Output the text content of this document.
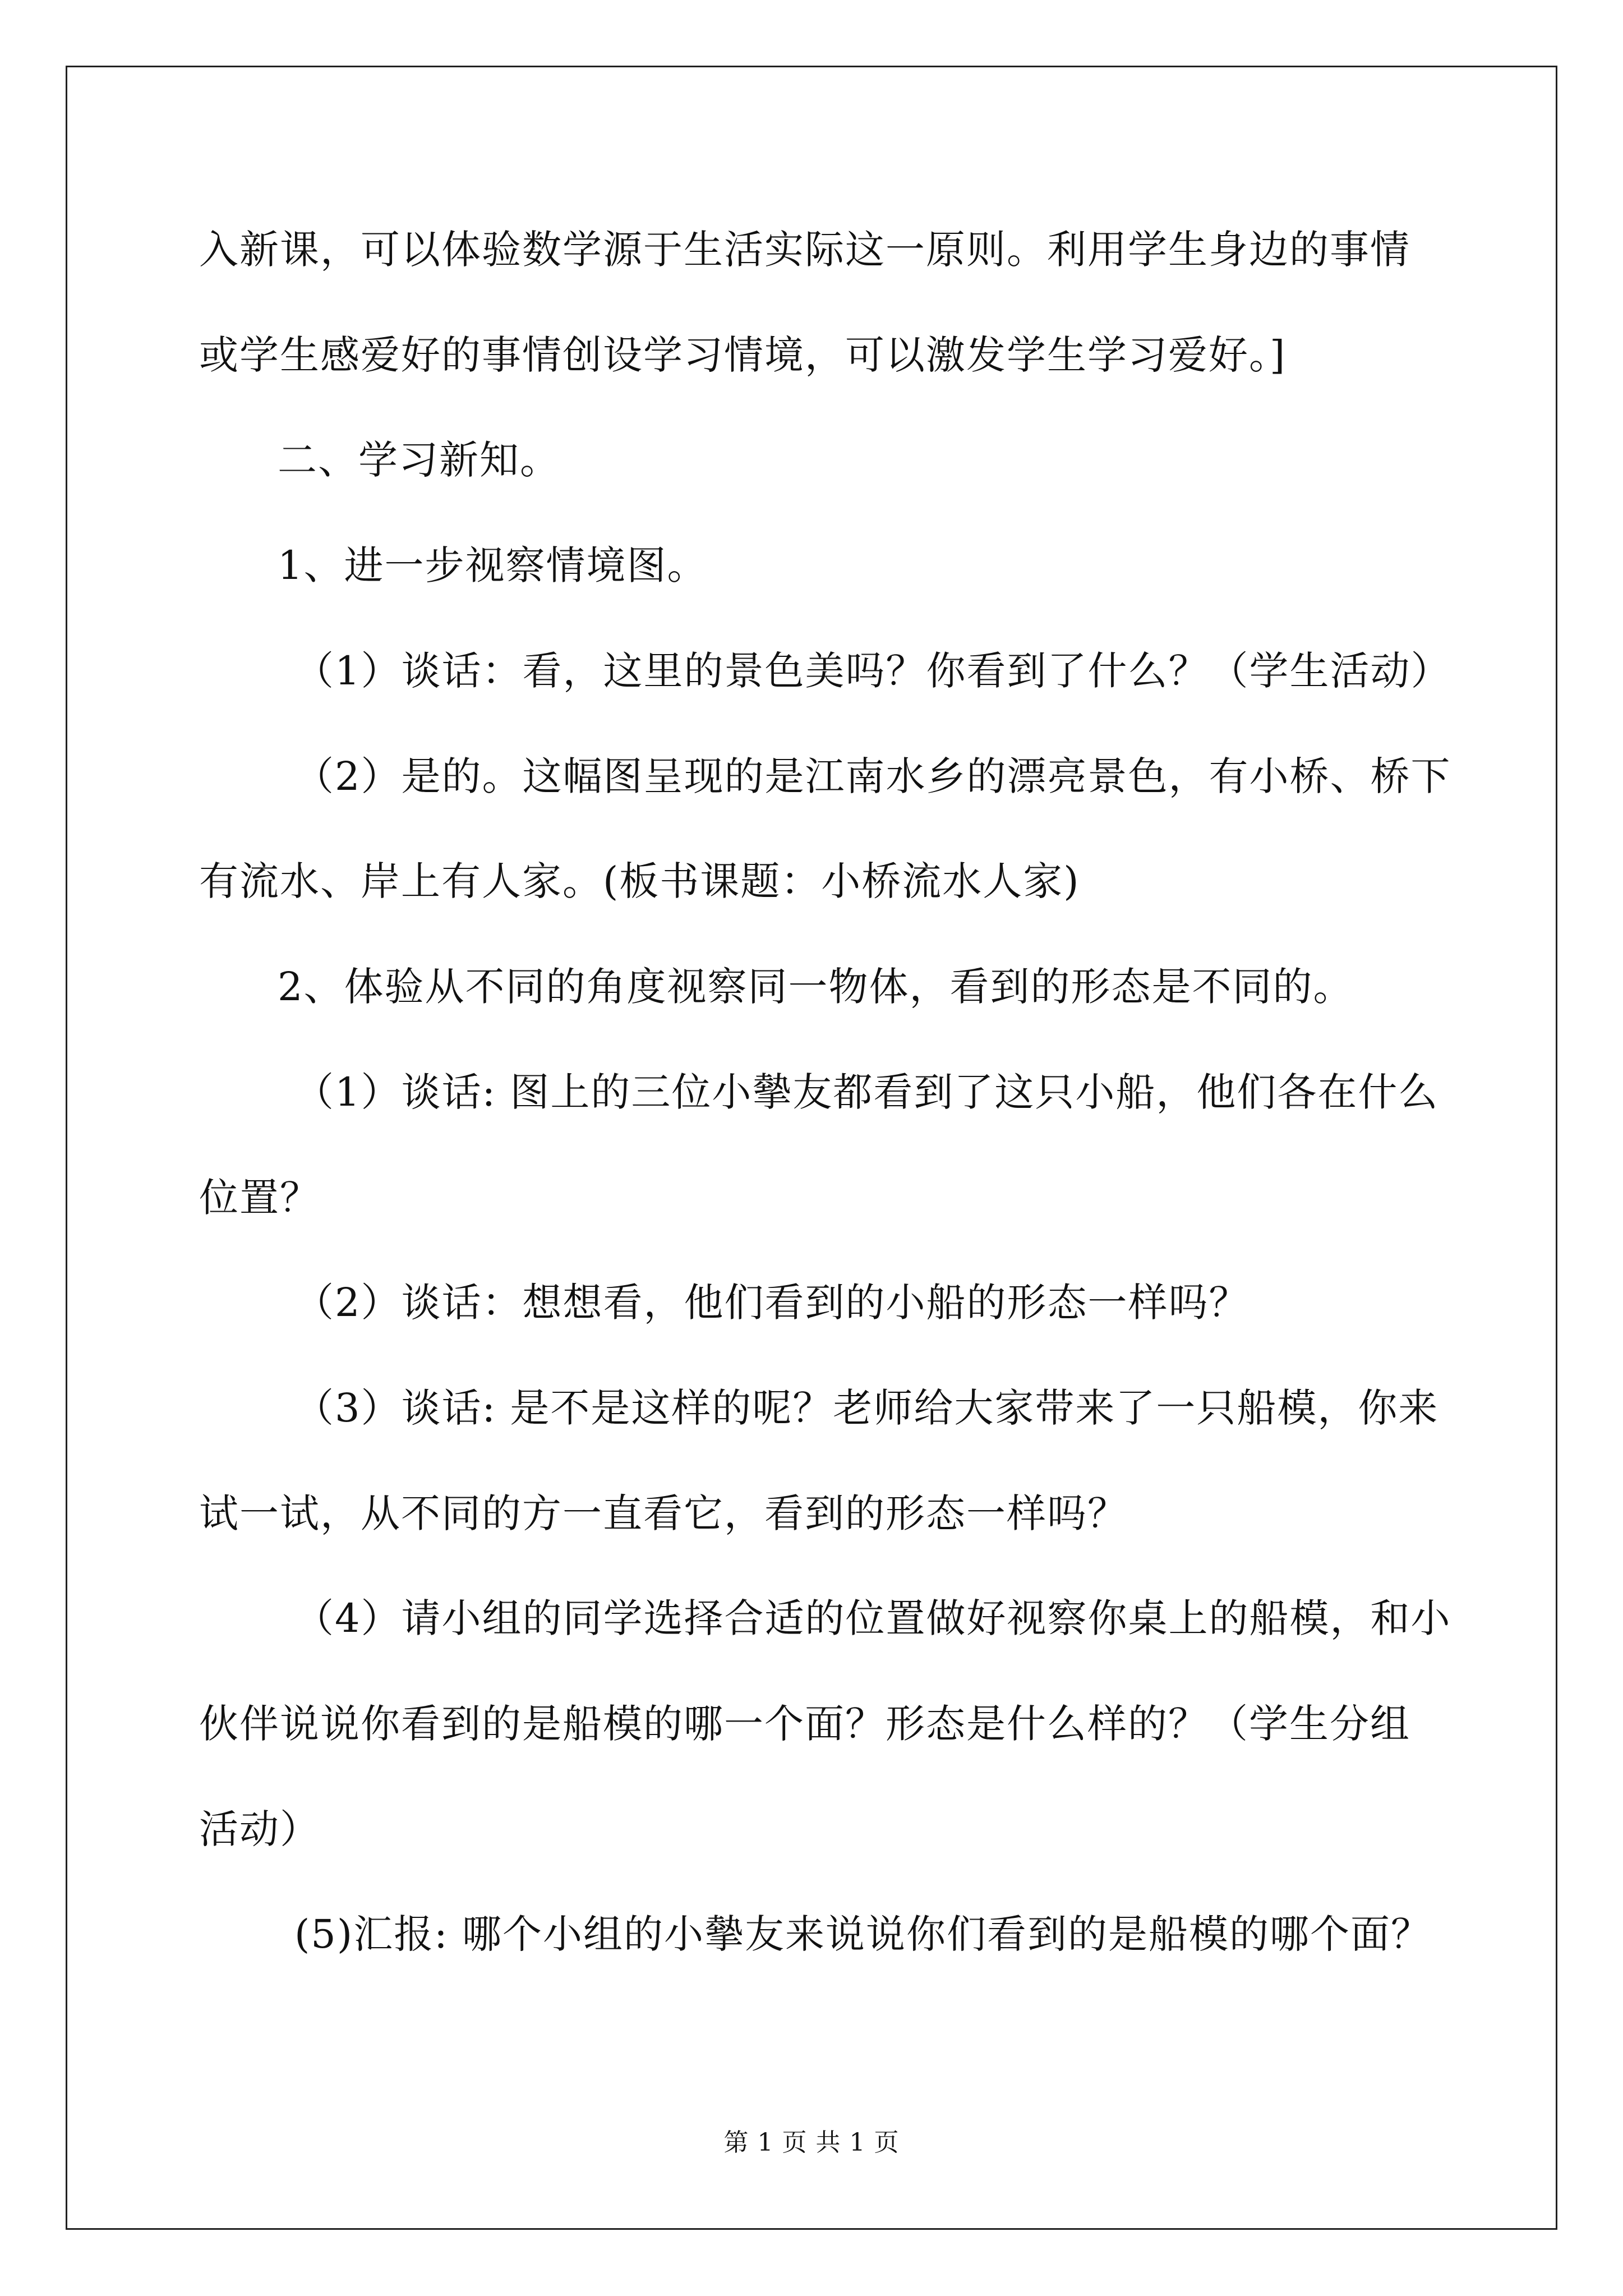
入新课，可以体验数学源于生活实际这一原则。利用学生身边的事情
或学生感爱好的事情创设学习情境，可以激发学生学习爱好。]
二、学习新知。
1、进一步视察情境图。
（1）谈话：看，这里的景色美吗？你看到了什么？（学生活动）
（2）是的。这幅图呈现的是江南水乡的漂亮景色，有小桥、桥下
有流水、岸上有人家。(板书课题：小桥流水人家)
2、体验从不同的角度视察同一物体，看到的形态是不同的。
（1）谈话: 图上的三位小摰友都看到了这只小船，他们各在什么
位置？
（2）谈话：想想看，他们看到的小船的形态一样吗？
（3）谈话: 是不是这样的呢？老师给大家带来了一只船模，你来
试一试，从不同的方一直看它，看到的形态一样吗？
（4）请小组的同学选择合适的位置做好视察你桌上的船模，和小
伙伴说说你看到的是船模的哪一个面？形态是什么样的？（学生分组
活动）
(5)汇报: 哪个小组的小摰友来说说你们看到的是船模的哪个面？
第 1 页 共 1 页
